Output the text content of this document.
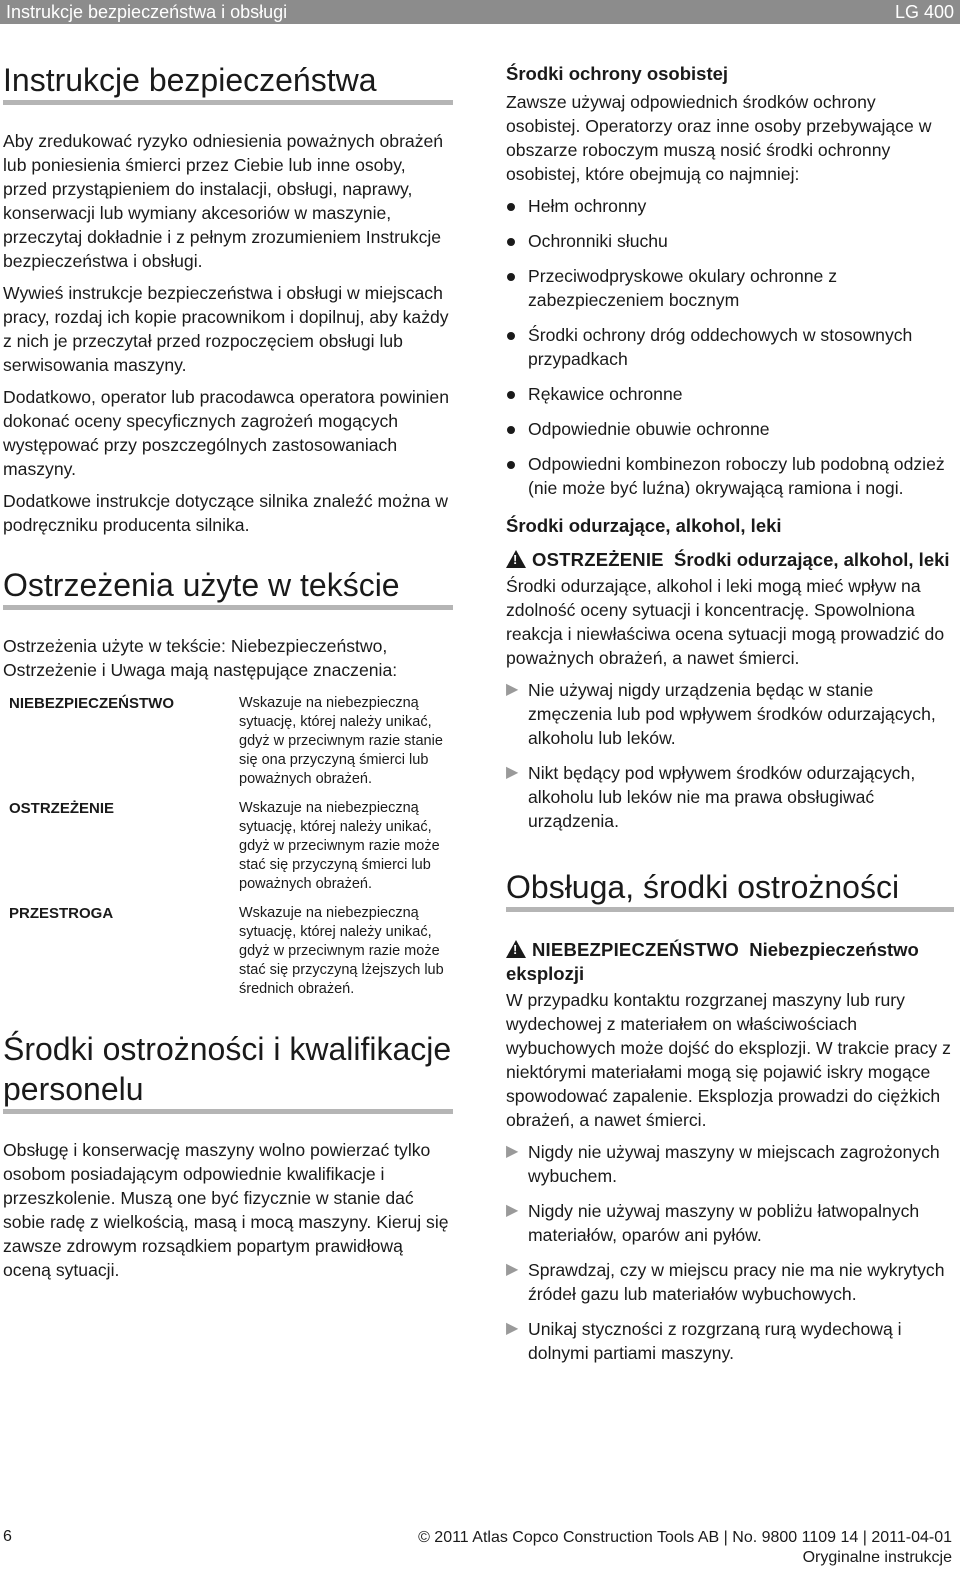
Instrukcje bezpieczeństwa i obsługi	LG 400
Instrukcje bezpieczeństwa

Aby zredukować ryzyko odniesienia poważnych obrażeń lub poniesienia śmierci przez Ciebie lub inne osoby, przed przystąpieniem do instalacji, obsługi, naprawy, konserwacji lub wymiany akcesoriów w maszynie, przeczytaj dokładnie i z pełnym zrozumieniem Instrukcje bezpieczeństwa i obsługi.

Wywieś instrukcje bezpieczeństwa i obsługi w miejscach pracy, rozdaj ich kopie pracownikom i dopilnuj, aby każdy z nich je przeczytał przed rozpoczęciem obsługi lub serwisowania maszyny.

Dodatkowo, operator lub pracodawca operatora powinien dokonać oceny specyficznych zagrożeń mogących występować przy poszczególnych zastosowaniach maszyny.

Dodatkowe instrukcje dotyczące silnika znaleźć można w podręczniku producenta silnika.

Ostrzeżenia użyte w tekście

Ostrzeżenia użyte w tekście: Niebezpieczeństwo, Ostrzeżenie i Uwaga mają następujące znaczenia:

NIEBEZPIECZEŃSTWO	Wskazuje na niebezpieczną sytuację, której należy unikać, gdyż w przeciwnym razie stanie się ona przyczyną śmierci lub poważnych obrażeń.
OSTRZEŻENIE	Wskazuje na niebezpieczną sytuację, której należy unikać, gdyż w przeciwnym razie może stać się przyczyną śmierci lub poważnych obrażeń.
PRZESTROGA	Wskazuje na niebezpieczną sytuację, której należy unikać, gdyż w przeciwnym razie może stać się przyczyną lżejszych lub średnich obrażeń.
Środki ostrożności i kwalifikacje personelu

Obsługę i konserwację maszyny wolno powierzać tylko osobom posiadającym odpowiednie kwalifikacje i przeszkolenie. Muszą one być fizycznie w stanie dać sobie radę z wielkością, masą i mocą maszyny. Kieruj się zawsze zdrowym rozsądkiem popartym prawidłową oceną sytuacji.

Środki ochrony osobistej

Zawsze używaj odpowiednich środków ochrony osobistej. Operatorzy oraz inne osoby przebywające w obszarze roboczym muszą nosić środki ochronny osobistej, które obejmują co najmniej:

Hełm ochronny
Ochronniki słuchu
Przeciwodpryskowe okulary ochronne z zabezpieczeniem bocznym
Środki ochrony dróg oddechowych w stosownych przypadkach
Rękawice ochronne
Odpowiednie obuwie ochronne
Odpowiedni kombinezon roboczy lub podobną odzież (nie może być luźna) okrywającą ramiona i nogi.
Środki odurzające, alkohol, leki
!OSTRZEŻENIE Środki odurzające, alkohol, leki

Środki odurzające, alkohol i leki mogą mieć wpływ na zdolność oceny sytuacji i koncentrację. Spowolniona reakcja i niewłaściwa ocena sytuacji mogą prowadzić do poważnych obrażeń, a nawet śmierci.

▶ Nie używaj nigdy urządzenia będąc w stanie zmęczenia lub pod wpływem środków odurzających, alkoholu lub leków.
▶ Nikt będący pod wpływem środków odurzających, alkoholu lub leków nie ma prawa obsługiwać urządzenia.
Obsługa, środki ostrożności
!NIEBEZPIECZEŃSTWO Niebezpieczeństwo eksplozji

W przypadku kontaktu rozgrzanej maszyny lub rury wydechowej z materiałem on właściwościach wybuchowych może dojść do eksplozji. W trakcie pracy z niektórymi materiałami mogą się pojawić iskry mogące spowodować zapalenie. Eksplozja prowadzi do ciężkich obrażeń, a nawet śmierci.

▶ Nigdy nie używaj maszyny w miejscach zagrożonych wybuchem.
▶ Nigdy nie używaj maszyny w pobliżu łatwopalnych materiałów, oparów ani pyłów.
▶ Sprawdzaj, czy w miejscu pracy nie ma nie wykrytych źródeł gazu lub materiałów wybuchowych.
▶ Unikaj styczności z rozgrzaną rurą wydechową i dolnymi partiami maszyny.
6	© 2011 Atlas Copco Construction Tools AB | No. 9800 1109 14 | 2011-04-01
Oryginalne instrukcje
